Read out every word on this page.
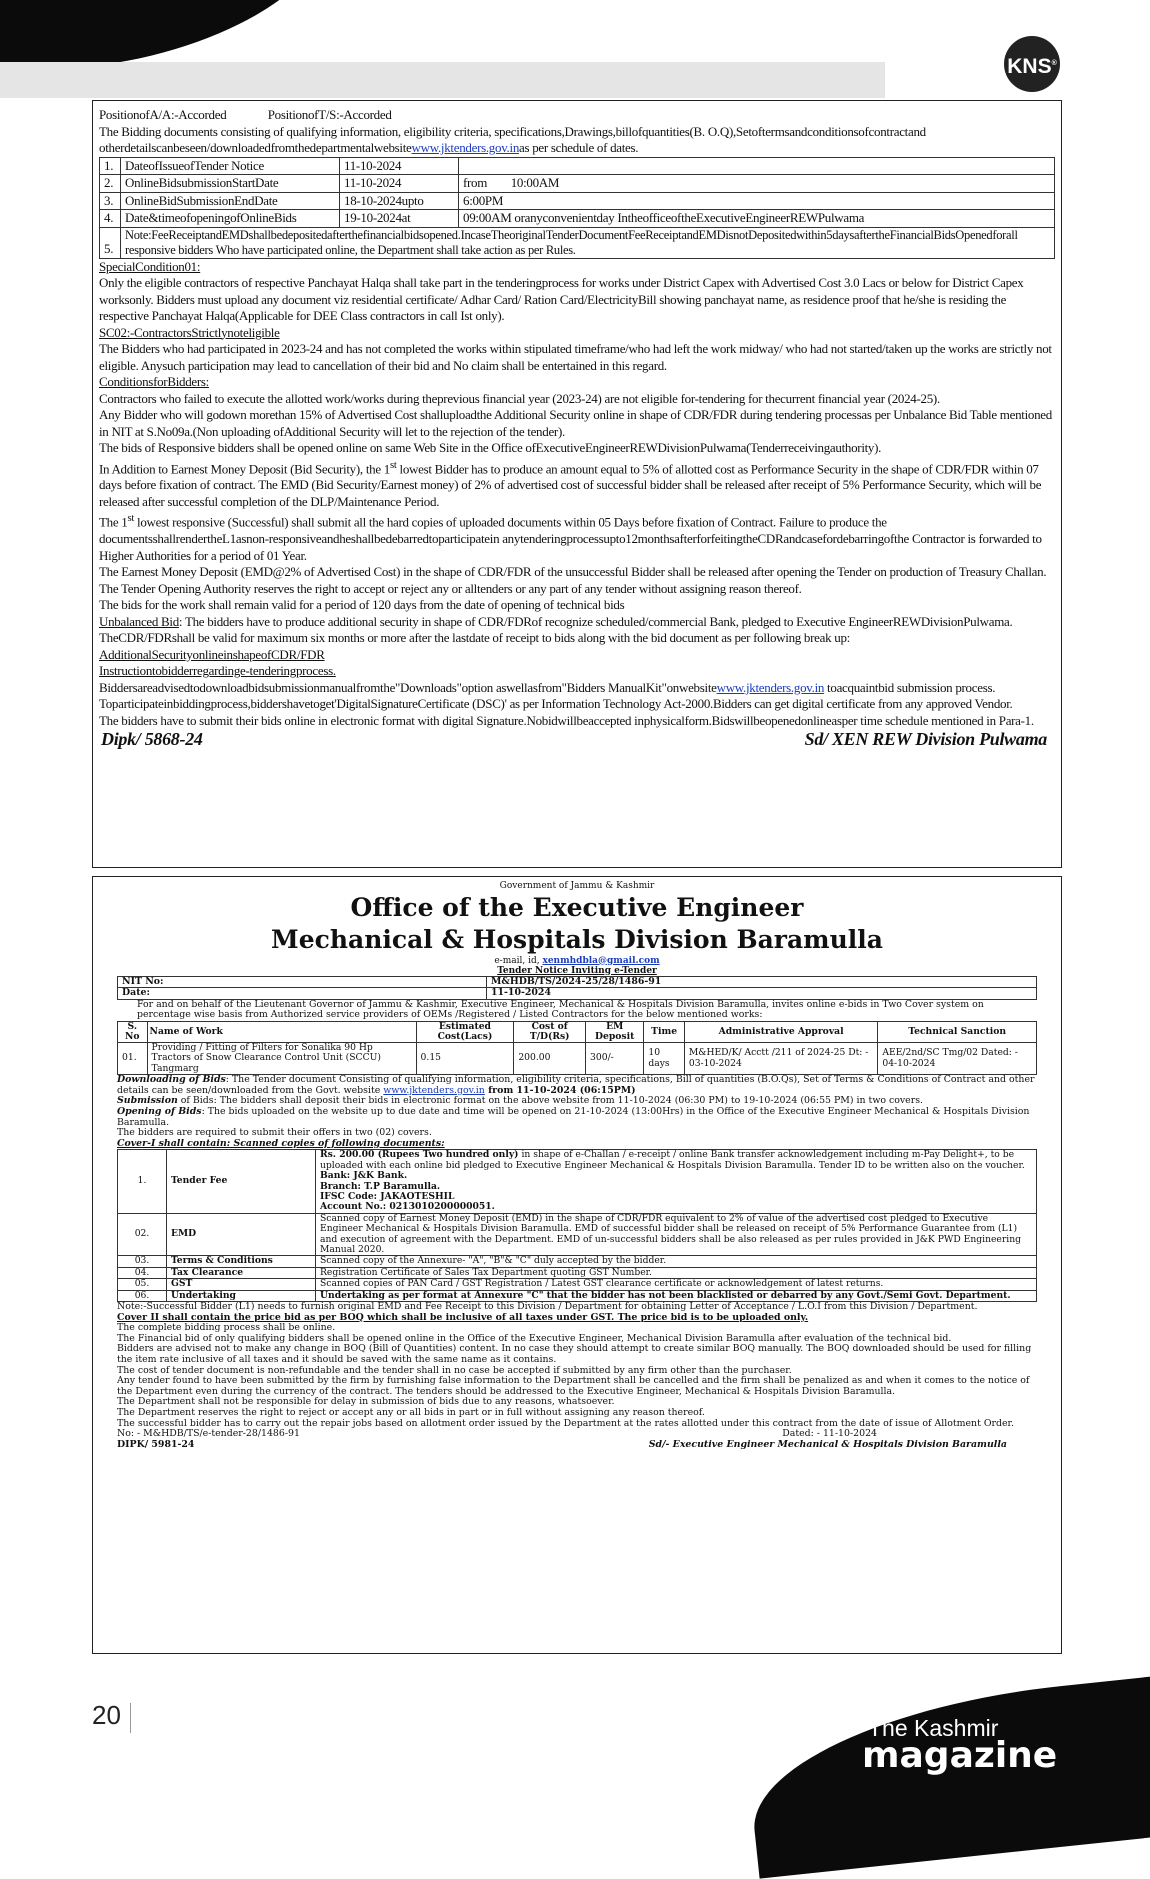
KNS®

PositionofA/A:-Accorded	PositionofT/S:-Accorded

The Bidding documents consisting of qualifying information, eligibility criteria, specifications,Drawings,billofquantities(B. O.Q),Setoftermsandconditionsofcontractand otherdetailscanbeseen/downloadedfromthedepartmentalwebsitewww.jktenders.gov.inas per schedule of dates.

1.	DateofIssueofTender Notice	11-10-2024	
2.	OnlineBidsubmissionStartDate	11-10-2024	from 10:00AM
3.	OnlineBidSubmissionEndDate	18-10-2024upto	6:00PM
4.	Date&timeofopeningofOnlineBids	19-10-2024at	09:00AM oranyconvenientday IntheofficeoftheExecutiveEngineerREWPulwama
5.	Note:FeeReceiptandEMDshallbedepositedafterthefinancialbidsopened.IncaseTheoriginalTenderDocumentFeeReceiptandEMDisnotDepositedwithin5daysaftertheFinancialBidsOpenedforall responsive bidders Who have participated online, the Department shall take action as per Rules.		

SpecialCondition01:

Only the eligible contractors of respective Panchayat Halqa shall take part in the tenderingprocess for works under District Capex with Advertised Cost 3.0 Lacs or below for District Capex worksonly. Bidders must upload any document viz residential certificate/ Adhar Card/ Ration Card/ElectricityBill showing panchayat name, as residence proof that he/she is residing the respective Panchayat Halqa(Applicable for DEE Class contractors in call Ist only).

SC02:-ContractorsStrictlynoteligible

The Bidders who had participated in 2023-24 and has not completed the works within stipulated timeframe/who had left the work midway/ who had not started/taken up the works are strictly not eligible. Anysuch participation may lead to cancellation of their bid and No claim shall be entertained in this regard.

ConditionsforBidders:

Contractors who failed to execute the allotted work/works during theprevious financial year (2023-24) are not eligible for-tendering for thecurrent financial year (2024-25).

Any Bidder who will godown morethan 15% of Advertised Cost shalluploadthe Additional Security online in shape of CDR/FDR during tendering processas per Unbalance Bid Table mentioned in NIT at S.No09a.(Non uploading ofAdditional Security will let to the rejection of the tender).

The bids of Responsive bidders shall be opened online on same Web Site in the Office ofExecutiveEngineerREWDivisionPulwama(Tenderreceivingauthority).

In Addition to Earnest Money Deposit (Bid Security), the 1st lowest Bidder has to produce an amount equal to 5% of allotted cost as Performance Security in the shape of CDR/FDR within 07 days before fixation of contract. The EMD (Bid Security/Earnest money) of 2% of advertised cost of successful bidder shall be released after receipt of 5% Performance Security, which will be released after successful completion of the DLP/Maintenance Period.

The 1st lowest responsive (Successful) shall submit all the hard copies of uploaded documents within 05 Days before fixation of Contract. Failure to produce the documentsshallrendertheL1asnon-responsiveandheshallbedebarredtoparticipatein anytenderingprocessupto12monthsafterforfeitingtheCDRandcasefordebarringofthe Contractor is forwarded to Higher Authorities for a period of 01 Year.

The Earnest Money Deposit (EMD@2% of Advertised Cost) in the shape of CDR/FDR of the unsuccessful Bidder shall be released after opening the Tender on production of Treasury Challan.

The Tender Opening Authority reserves the right to accept or reject any or alltenders or any part of any tender without assigning reason thereof.

The bids for the work shall remain valid for a period of 120 days from the date of opening of technical bids

Unbalanced Bid: The bidders have to produce additional security in shape of CDR/FDRof recognize scheduled/commercial Bank, pledged to Executive EngineerREWDivisionPulwama. TheCDR/FDRshall be valid for maximum six months or more after the lastdate of receipt to bids along with the bid document as per following break up:

AdditionalSecurityonlineinshapeofCDR/FDR

Instructiontobidderregardinge-tenderingprocess.

Biddersareadvisedtodownloadbidsubmissionmanualfromthe"Downloads"option aswellasfrom"Bidders ManualKit"onwebsitewww.jktenders.gov.in toacquaintbid submission process.

Toparticipateinbiddingprocess,biddershavetoget'DigitalSignatureCertificate (DSC)' as per Information Technology Act-2000.Bidders can get digital certificate from any approved Vendor.

The bidders have to submit their bids online in electronic format with digital Signature.Nobidwillbeaccepted inphysicalform.Bidswillbeopenedonlineasper time schedule mentioned in Para-1.

Dipk/ 5868-24	Sd/ XEN REW Division Pulwama
Government of Jammu & Kashmir
Office of the Executive Engineer
Mechanical & Hospitals Division Baramulla
e-mail, id, xenmhdbla@gmail.com
Tender Notice Inviting e-Tender
NIT No:	M&HDB/TS/2024-25/28/1486-91
Date:	11-10-2024

For and on behalf of the Lieutenant Governor of Jammu & Kashmir, Executive Engineer, Mechanical & Hospitals Division Baramulla, invites online e-bids in Two Cover system on percentage wise basis from Authorized service providers of OEMs /Registered / Listed Contractors for the below mentioned works:

S. No	Name of Work	Estimated Cost(Lacs)	Cost of T/D(Rs)	EM Deposit	Time	Administrative Approval	Technical Sanction
01.	Providing / Fitting of Filters for Sonalika 90 Hp Tractors of Snow Clearance Control Unit (SCCU) Tangmarg	0.15	200.00	300/-	10 days	M&HED/K/ Acctt /211 of 2024-25 Dt: - 03-10-2024	AEE/2nd/SC Tmg/02 Dated: - 04-10-2024

Downloading of Bids: The Tender document Consisting of qualifying information, eligibility criteria, specifications, Bill of quantities (B.O.Qs), Set of Terms & Conditions of Contract and other details can be seen/downloaded from the Govt. website www.jktenders.gov.in from 11-10-2024 (06:15PM)

Submission of Bids: The bidders shall deposit their bids in electronic format on the above website from 11-10-2024 (06:30 PM) to 19-10-2024 (06:55 PM) in two covers.

Opening of Bids: The bids uploaded on the website up to due date and time will be opened on 21-10-2024 (13:00Hrs) in the Office of the Executive Engineer Mechanical & Hospitals Division Baramulla.

The bidders are required to submit their offers in two (02) covers.

Cover-I shall contain: Scanned copies of following documents:

1.	Tender Fee	Rs. 200.00 (Rupees Two hundred only) in shape of e-Challan / e-receipt / online Bank transfer acknowledgement including m-Pay Delight+, to be uploaded with each online bid pledged to Executive Engineer Mechanical & Hospitals Division Baramulla. Tender ID to be written also on the voucher.
Bank: J&K Bank.
Branch: T.P Baramulla.
IFSC Code: JAKAOTESHIL
Account No.: 0213010200000051.
02.	EMD	Scanned copy of Earnest Money Deposit (EMD) in the shape of CDR/FDR equivalent to 2% of value of the advertised cost pledged to Executive Engineer Mechanical & Hospitals Division Baramulla. EMD of successful bidder shall be released on receipt of 5% Performance Guarantee from (L1) and execution of agreement with the Department. EMD of un-successful bidders shall be also released as per rules provided in J&K PWD Engineering Manual 2020.
03.	Terms & Conditions	Scanned copy of the Annexure- "A", "B"& "C" duly accepted by the bidder.
04.	Tax Clearance	Registration Certificate of Sales Tax Department quoting GST Number.
05.	GST	Scanned copies of PAN Card / GST Registration / Latest GST clearance certificate or acknowledgement of latest returns.
06.	Undertaking	Undertaking as per format at Annexure "C" that the bidder has not been blacklisted or debarred by any Govt./Semi Govt. Department.

Note:-Successful Bidder (L1) needs to furnish original EMD and Fee Receipt to this Division / Department for obtaining Letter of Acceptance / L.O.I from this Division / Department.

Cover II shall contain the price bid as per BOQ which shall be inclusive of all taxes under GST. The price bid is to be uploaded only.

The complete bidding process shall be online.

The Financial bid of only qualifying bidders shall be opened online in the Office of the Executive Engineer, Mechanical Division Baramulla after evaluation of the technical bid.

Bidders are advised not to make any change in BOQ (Bill of Quantities) content. In no case they should attempt to create similar BOQ manually. The BOQ downloaded should be used for filling the item rate inclusive of all taxes and it should be saved with the same name as it contains.

The cost of tender document is non-refundable and the tender shall in no case be accepted if submitted by any firm other than the purchaser.

Any tender found to have been submitted by the firm by furnishing false information to the Department shall be cancelled and the firm shall be penalized as and when it comes to the notice of the Department even during the currency of the contract. The tenders should be addressed to the Executive Engineer, Mechanical & Hospitals Division Baramulla.

The Department shall not be responsible for delay in submission of bids due to any reasons, whatsoever.

The Department reserves the right to reject or accept any or all bids in part or in full without assigning any reason thereof.

The successful bidder has to carry out the repair jobs based on allotment order issued by the Department at the rates allotted under this contract from the date of issue of Allotment Order.

No: - M&HDB/TS/e-tender-28/1486-91	Dated: - 11-10-2024
DIPK/ 5981-24	Sd/- Executive Engineer Mechanical & Hospitals Division Baramulla
20	The Kashmir
magazine
